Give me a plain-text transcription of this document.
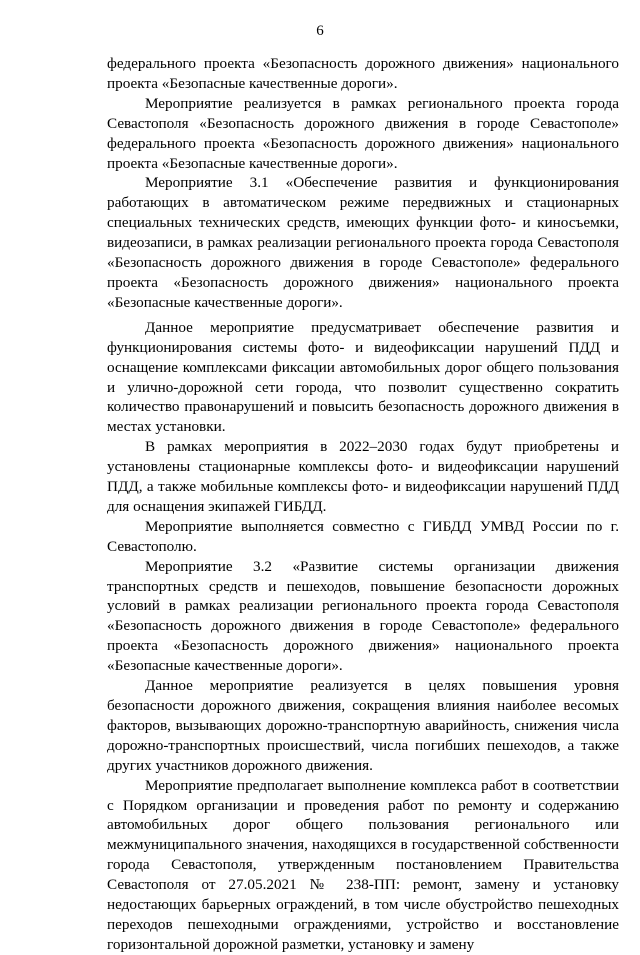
6

федерального проекта «Безопасность дорожного движения» национального проекта «Безопасные качественные дороги».

Мероприятие реализуется в рамках регионального проекта города Севастополя «Безопасность дорожного движения в городе Севастополе» федерального проекта «Безопасность дорожного движения» национального проекта «Безопасные качественные дороги».

Мероприятие 3.1 «Обеспечение развития и функционирования работающих в автоматическом режиме передвижных и стационарных специальных технических средств, имеющих функции фото- и киносъемки, видеозаписи, в рамках реализации регионального проекта города Севастополя «Безопасность дорожного движения в городе Севастополе» федерального проекта «Безопасность дорожного движения» национального проекта «Безопасные качественные дороги».

Данное мероприятие предусматривает обеспечение развития и функционирования системы фото- и видеофиксации нарушений ПДД и оснащение комплексами фиксации автомобильных дорог общего пользования и улично-дорожной сети города, что позволит существенно сократить количество правонарушений и повысить безопасность дорожного движения в местах установки.

В рамках мероприятия в 2022–2030 годах будут приобретены и установлены стационарные комплексы фото- и видеофиксации нарушений ПДД, а также мобильные комплексы фото- и видеофиксации нарушений ПДД для оснащения экипажей ГИБДД.

Мероприятие выполняется совместно с ГИБДД УМВД России по г. Севастополю.

Мероприятие 3.2 «Развитие системы организации движения транспортных средств и пешеходов, повышение безопасности дорожных условий в рамках реализации регионального проекта города Севастополя «Безопасность дорожного движения в городе Севастополе» федерального проекта «Безопасность дорожного движения» национального проекта «Безопасные качественные дороги».

Данное мероприятие реализуется в целях повышения уровня безопасности дорожного движения, сокращения влияния наиболее весомых факторов, вызывающих дорожно-транспортную аварийность, снижения числа дорожно-транспортных происшествий, числа погибших пешеходов, а также других участников дорожного движения.

Мероприятие предполагает выполнение комплекса работ в соответствии с Порядком организации и проведения работ по ремонту и содержанию автомобильных дорог общего пользования регионального или межмуниципального значения, находящихся в государственной собственности города Севастополя, утвержденным постановлением Правительства Севастополя от 27.05.2021 № 238-ПП: ремонт, замену и установку недостающих барьерных ограждений, в том числе обустройство пешеходных переходов пешеходными ограждениями, устройство и восстановление горизонтальной дорожной разметки, установку и замену
